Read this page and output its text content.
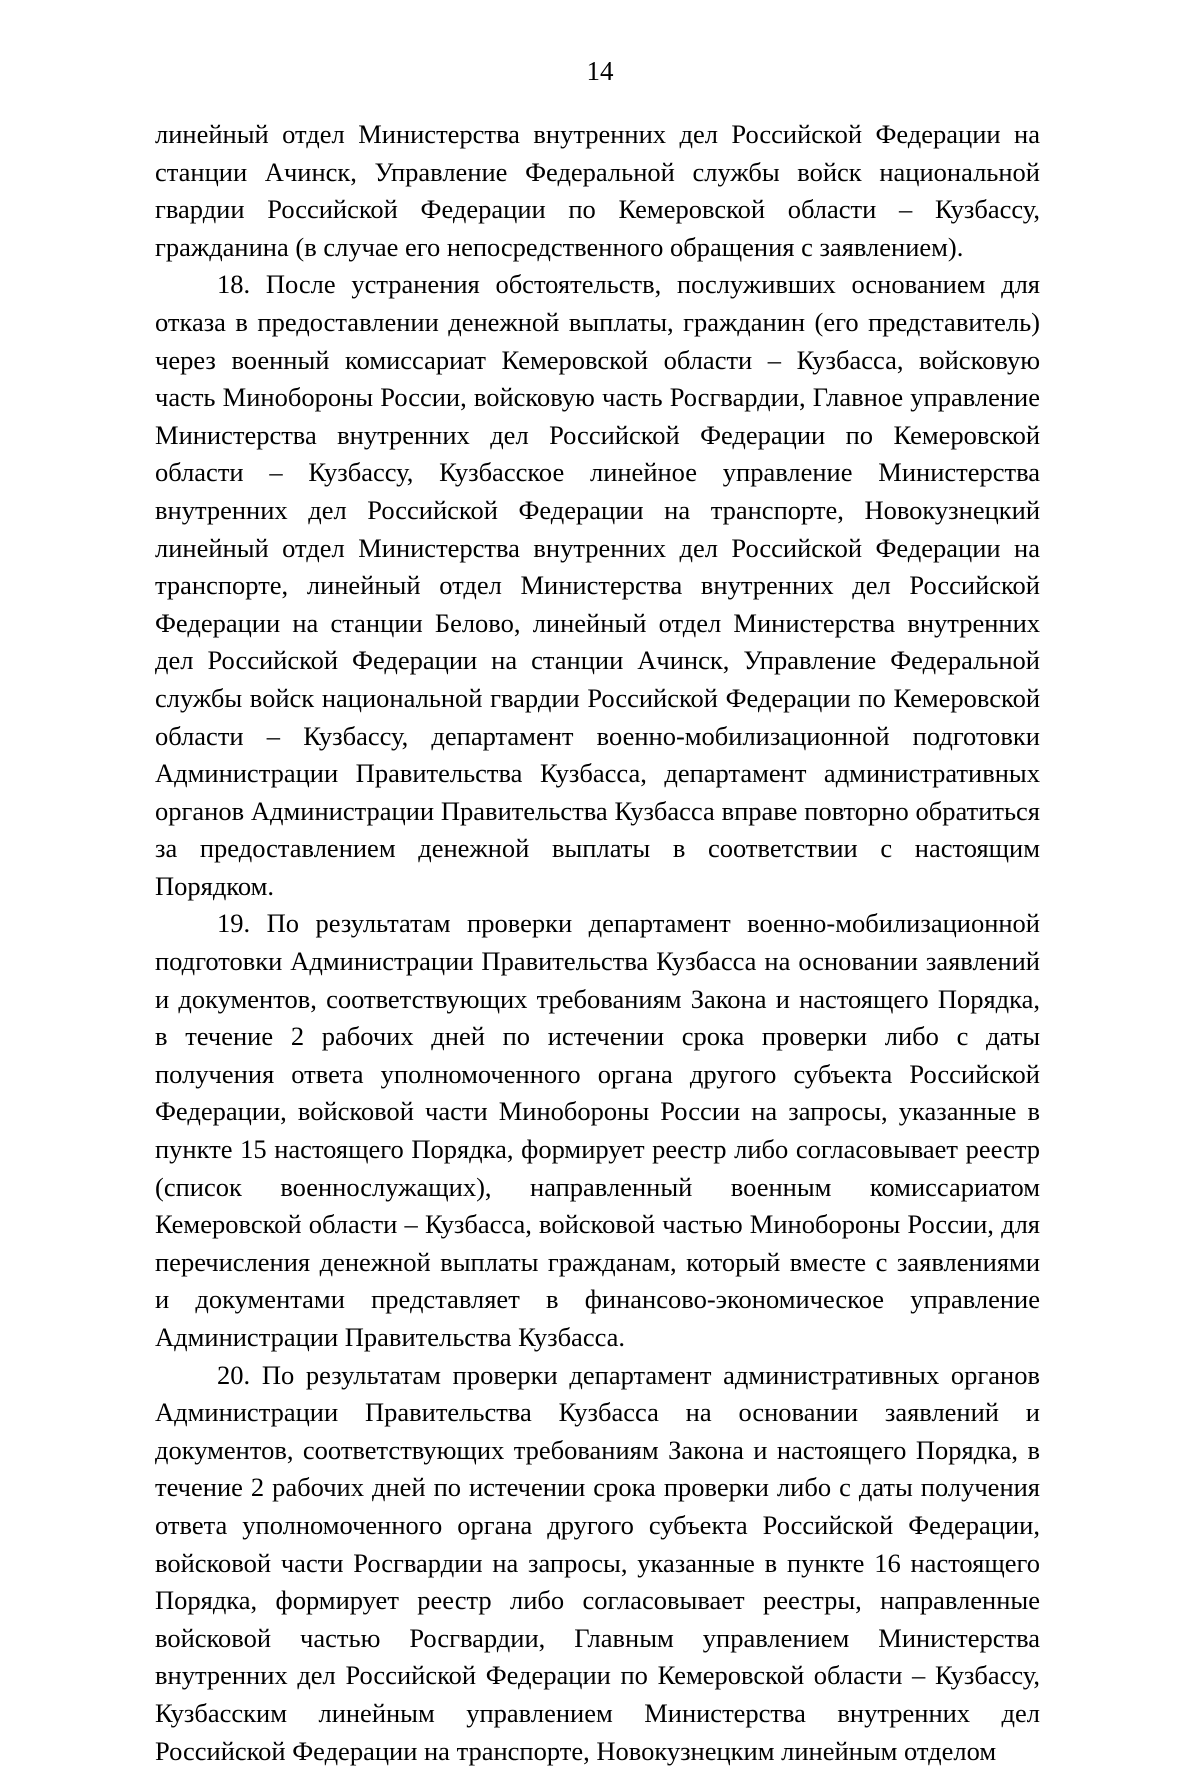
14

линейный отдел Министерства внутренних дел Российской Федерации на станции Ачинск, Управление Федеральной службы войск национальной гвардии Российской Федерации по Кемеровской области – Кузбассу, гражданина (в случае его непосредственного обращения с заявлением).

18. После устранения обстоятельств, послуживших основанием для отказа в предоставлении денежной выплаты, гражданин (его представитель) через военный комиссариат Кемеровской области – Кузбасса, войсковую часть Минобороны России, войсковую часть Росгвардии, Главное управление Министерства внутренних дел Российской Федерации по Кемеровской области – Кузбассу, Кузбасское линейное управление Министерства внутренних дел Российской Федерации на транспорте, Новокузнецкий линейный отдел Министерства внутренних дел Российской Федерации на транспорте, линейный отдел Министерства внутренних дел Российской Федерации на станции Белово, линейный отдел Министерства внутренних дел Российской Федерации на станции Ачинск, Управление Федеральной службы войск национальной гвардии Российской Федерации по Кемеровской области – Кузбассу, департамент военно-мобилизационной подготовки Администрации Правительства Кузбасса, департамент административных органов Администрации Правительства Кузбасса вправе повторно обратиться за предоставлением денежной выплаты в соответствии с настоящим Порядком.

19. По результатам проверки департамент военно-мобилизационной подготовки Администрации Правительства Кузбасса на основании заявлений и документов, соответствующих требованиям Закона и настоящего Порядка, в течение 2 рабочих дней по истечении срока проверки либо с даты получения ответа уполномоченного органа другого субъекта Российской Федерации, войсковой части Минобороны России на запросы, указанные в пункте 15 настоящего Порядка, формирует реестр либо согласовывает реестр (список военнослужащих), направленный военным комиссариатом Кемеровской области – Кузбасса, войсковой частью Минобороны России, для перечисления денежной выплаты гражданам, который вместе с заявлениями и документами представляет в финансово-экономическое управление Администрации Правительства Кузбасса.

20. По результатам проверки департамент административных органов Администрации Правительства Кузбасса на основании заявлений и документов, соответствующих требованиям Закона и настоящего Порядка, в течение 2 рабочих дней по истечении срока проверки либо с даты получения ответа уполномоченного органа другого субъекта Российской Федерации, войсковой части Росгвардии на запросы, указанные в пункте 16 настоящего Порядка, формирует реестр либо согласовывает реестры, направленные войсковой частью Росгвардии, Главным управлением Министерства внутренних дел Российской Федерации по Кемеровской области – Кузбассу, Кузбасским линейным управлением Министерства внутренних дел Российской Федерации на транспорте, Новокузнецким линейным отделом
